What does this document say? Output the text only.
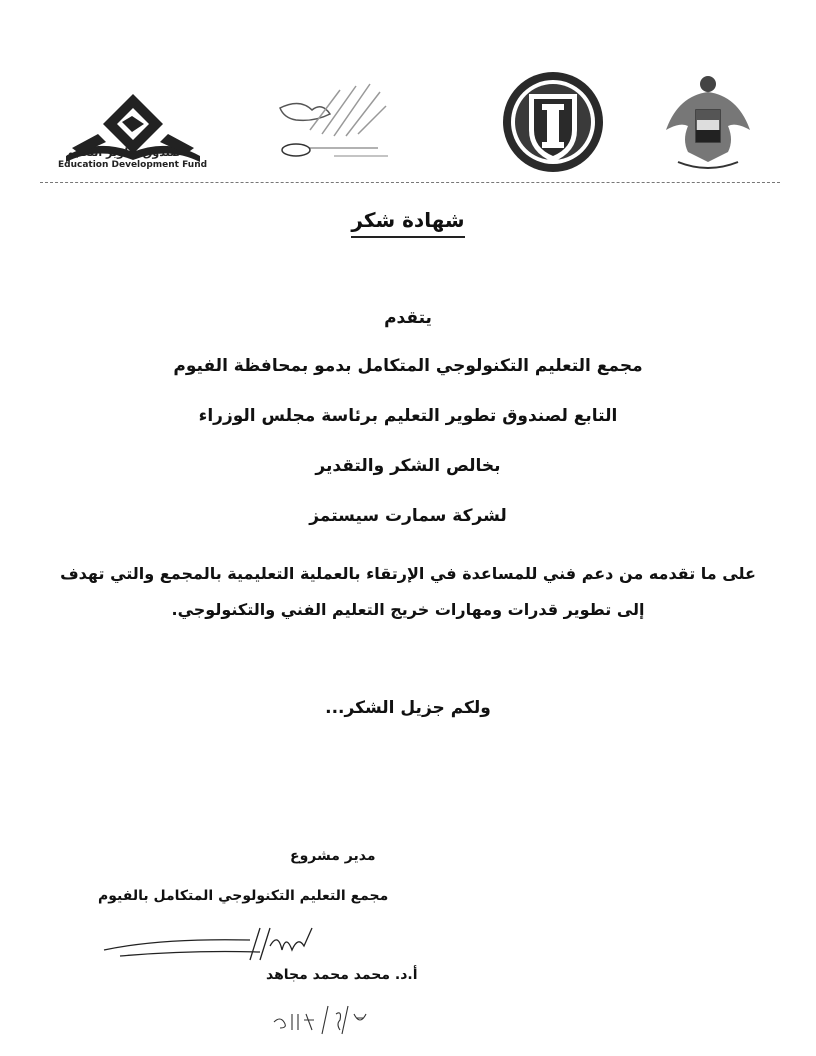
صندوق تطوير التعليم
Education Development Fund
شهادة شكر
يتقدم
مجمع التعليم التكنولوجي المتكامل بدمو بمحافظة الفيوم
التابع لصندوق تطوير التعليم برئاسة مجلس الوزراء
بخالص الشكر والتقدير
لشركة سمارت سيستمز
على ما تقدمه من دعم فني للمساعدة في الإرتقاء بالعملية التعليمية بالمجمع والتي تهدف إلى تطوير قدرات ومهارات خريج التعليم الفني والتكنولوجي.
ولكم جزيل الشكر...
مدير مشروع
مجمع التعليم التكنولوجي المتكامل بالفيوم
أ.د. محمد محمد مجاهد
